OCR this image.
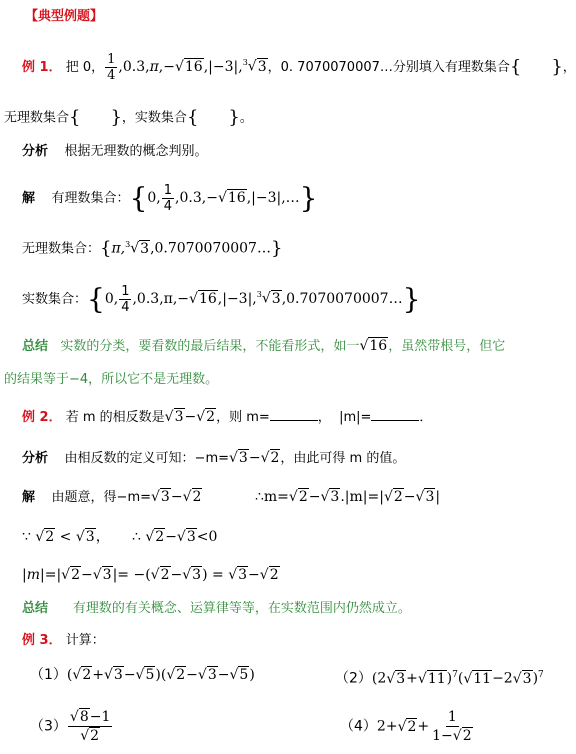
【典型例题】
例 1． 把 0， $\frac{1}{4} ,0.3,\pi,-√16,|-3|,^3√3$，0. 7070070007…分别填入有理数集合{ }，
无理数集合{ }，实数集合{ }。
分析 根据无理数的概念判别。
解 有理数集合：{0, $\frac{1}{4}$ ,0.3,−√16,|−3|,…}
无理数集合：{π,$^3$√3,0.7070070007…}
实数集合：{0, $\frac{1}{4}$ ,0.3,π,−√16,|−3|,$^3$√3,0.7070070007…}
总结 实数的分类，要看数的最后结果，不能看形式，如一√16，虽然带根号，但它
的结果等于−4，所以它不是无理数。
例 2． 若 m 的相反数是√3−√2，则 m=	， |m|=	．
分析 由相反数的定义可知：−m=√3−√2，由此可得 m 的值。
解 由题意，得−m=√3−√2	∴m=√2−√3.|m|=|√2−√3|
∵ √2 < √3， ∴ √2−√3<0
|m|=|√2−√3|= −(√2−√3) = √3−√2
总结 有理数的有关概念、运算律等等，在实数范围内仍然成立。
例 3． 计算：
（1）(√2+√3−√5)(√2−√3−√5)	$(2)(2√3+√11)^7(√11-2√3)^7$
$(3) \frac{√8-1}{√2}$	$(4)2+√2+ \frac{1}{1-√2}$
